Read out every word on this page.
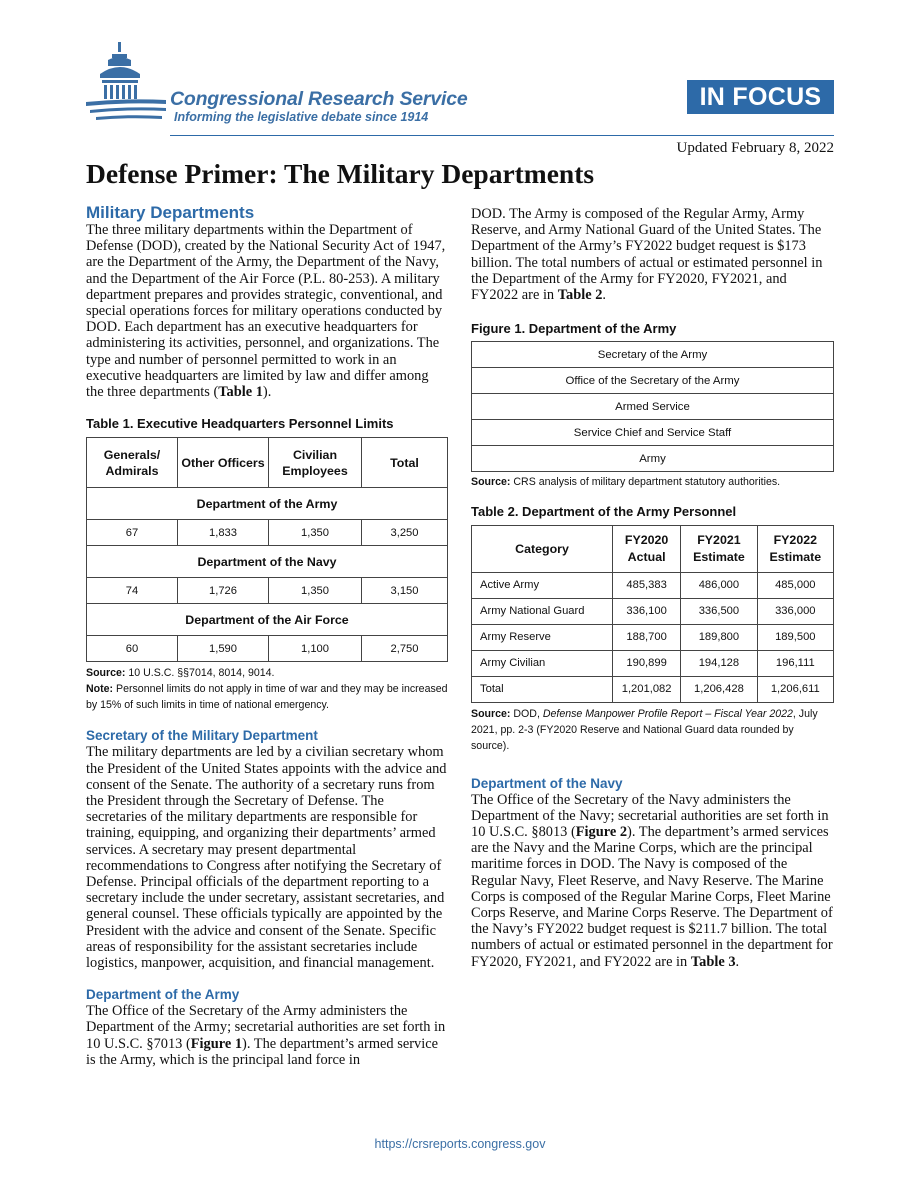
Congressional Research Service
Informing the legislative debate since 1914
IN FOCUS
Updated February 8, 2022
Defense Primer: The Military Departments

Military Departments

The three military departments within the Department of Defense (DOD), created by the National Security Act of 1947, are the Department of the Army, the Department of the Navy, and the Department of the Air Force (P.L. 80-253). A military department prepares and provides strategic, conventional, and special operations forces for military operations conducted by DOD. Each department has an executive headquarters for administering its activities, personnel, and organizations. The type and number of personnel permitted to work in an executive headquarters are limited by law and differ among the three departments (Table 1).

Table 1. Executive Headquarters Personnel Limits
Generals/ Admirals	Other Officers	Civilian Employees	Total
Department of the Army			
67	1,833	1,350	3,250
Department of the Navy			
74	1,726	1,350	3,150
Department of the Air Force			
60	1,590	1,100	2,750
Source: 10 U.S.C. §§7014, 8014, 9014.
Note: Personnel limits do not apply in time of war and they may be increased by 15% of such limits in time of national emergency.

Secretary of the Military Department

The military departments are led by a civilian secretary whom the President of the United States appoints with the advice and consent of the Senate. The authority of a secretary runs from the President through the Secretary of Defense. The secretaries of the military departments are responsible for training, equipping, and organizing their departments’ armed services. A secretary may present departmental recommendations to Congress after notifying the Secretary of Defense. Principal officials of the department reporting to a secretary include the under secretary, assistant secretaries, and general counsel. These officials typically are appointed by the President with the advice and consent of the Senate. Specific areas of responsibility for the assistant secretaries include logistics, manpower, acquisition, and financial management.

Department of the Army

The Office of the Secretary of the Army administers the Department of the Army; secretarial authorities are set forth in 10 U.S.C. §7013 (Figure 1). The department’s armed service is the Army, which is the principal land force in

DOD. The Army is composed of the Regular Army, Army Reserve, and Army National Guard of the United States. The Department of the Army’s FY2022 budget request is $173 billion. The total numbers of actual or estimated personnel in the Department of the Army for FY2020, FY2021, and FY2022 are in Table 2.

Figure 1. Department of the Army
Secretary of the Army
Office of the Secretary of the Army
Armed Service
Service Chief and Service Staff
Army
Source: CRS analysis of military department statutory authorities.
Table 2. Department of the Army Personnel
Category	FY2020 Actual	FY2021 Estimate	FY2022 Estimate
Active Army	485,383	486,000	485,000
Army National Guard	336,100	336,500	336,000
Army Reserve	188,700	189,800	189,500
Army Civilian	190,899	194,128	196,111
Total	1,201,082	1,206,428	1,206,611
Source: DOD, Defense Manpower Profile Report – Fiscal Year 2022, July 2021, pp. 2-3 (FY2020 Reserve and National Guard data rounded by source).

Department of the Navy

The Office of the Secretary of the Navy administers the Department of the Navy; secretarial authorities are set forth in 10 U.S.C. §8013 (Figure 2). The department’s armed services are the Navy and the Marine Corps, which are the principal maritime forces in DOD. The Navy is composed of the Regular Navy, Fleet Reserve, and Navy Reserve. The Marine Corps is composed of the Regular Marine Corps, Fleet Marine Corps Reserve, and Marine Corps Reserve. The Department of the Navy’s FY2022 budget request is $211.7 billion. The total numbers of actual or estimated personnel in the department for FY2020, FY2021, and FY2022 are in Table 3.

https://crsreports.congress.gov
